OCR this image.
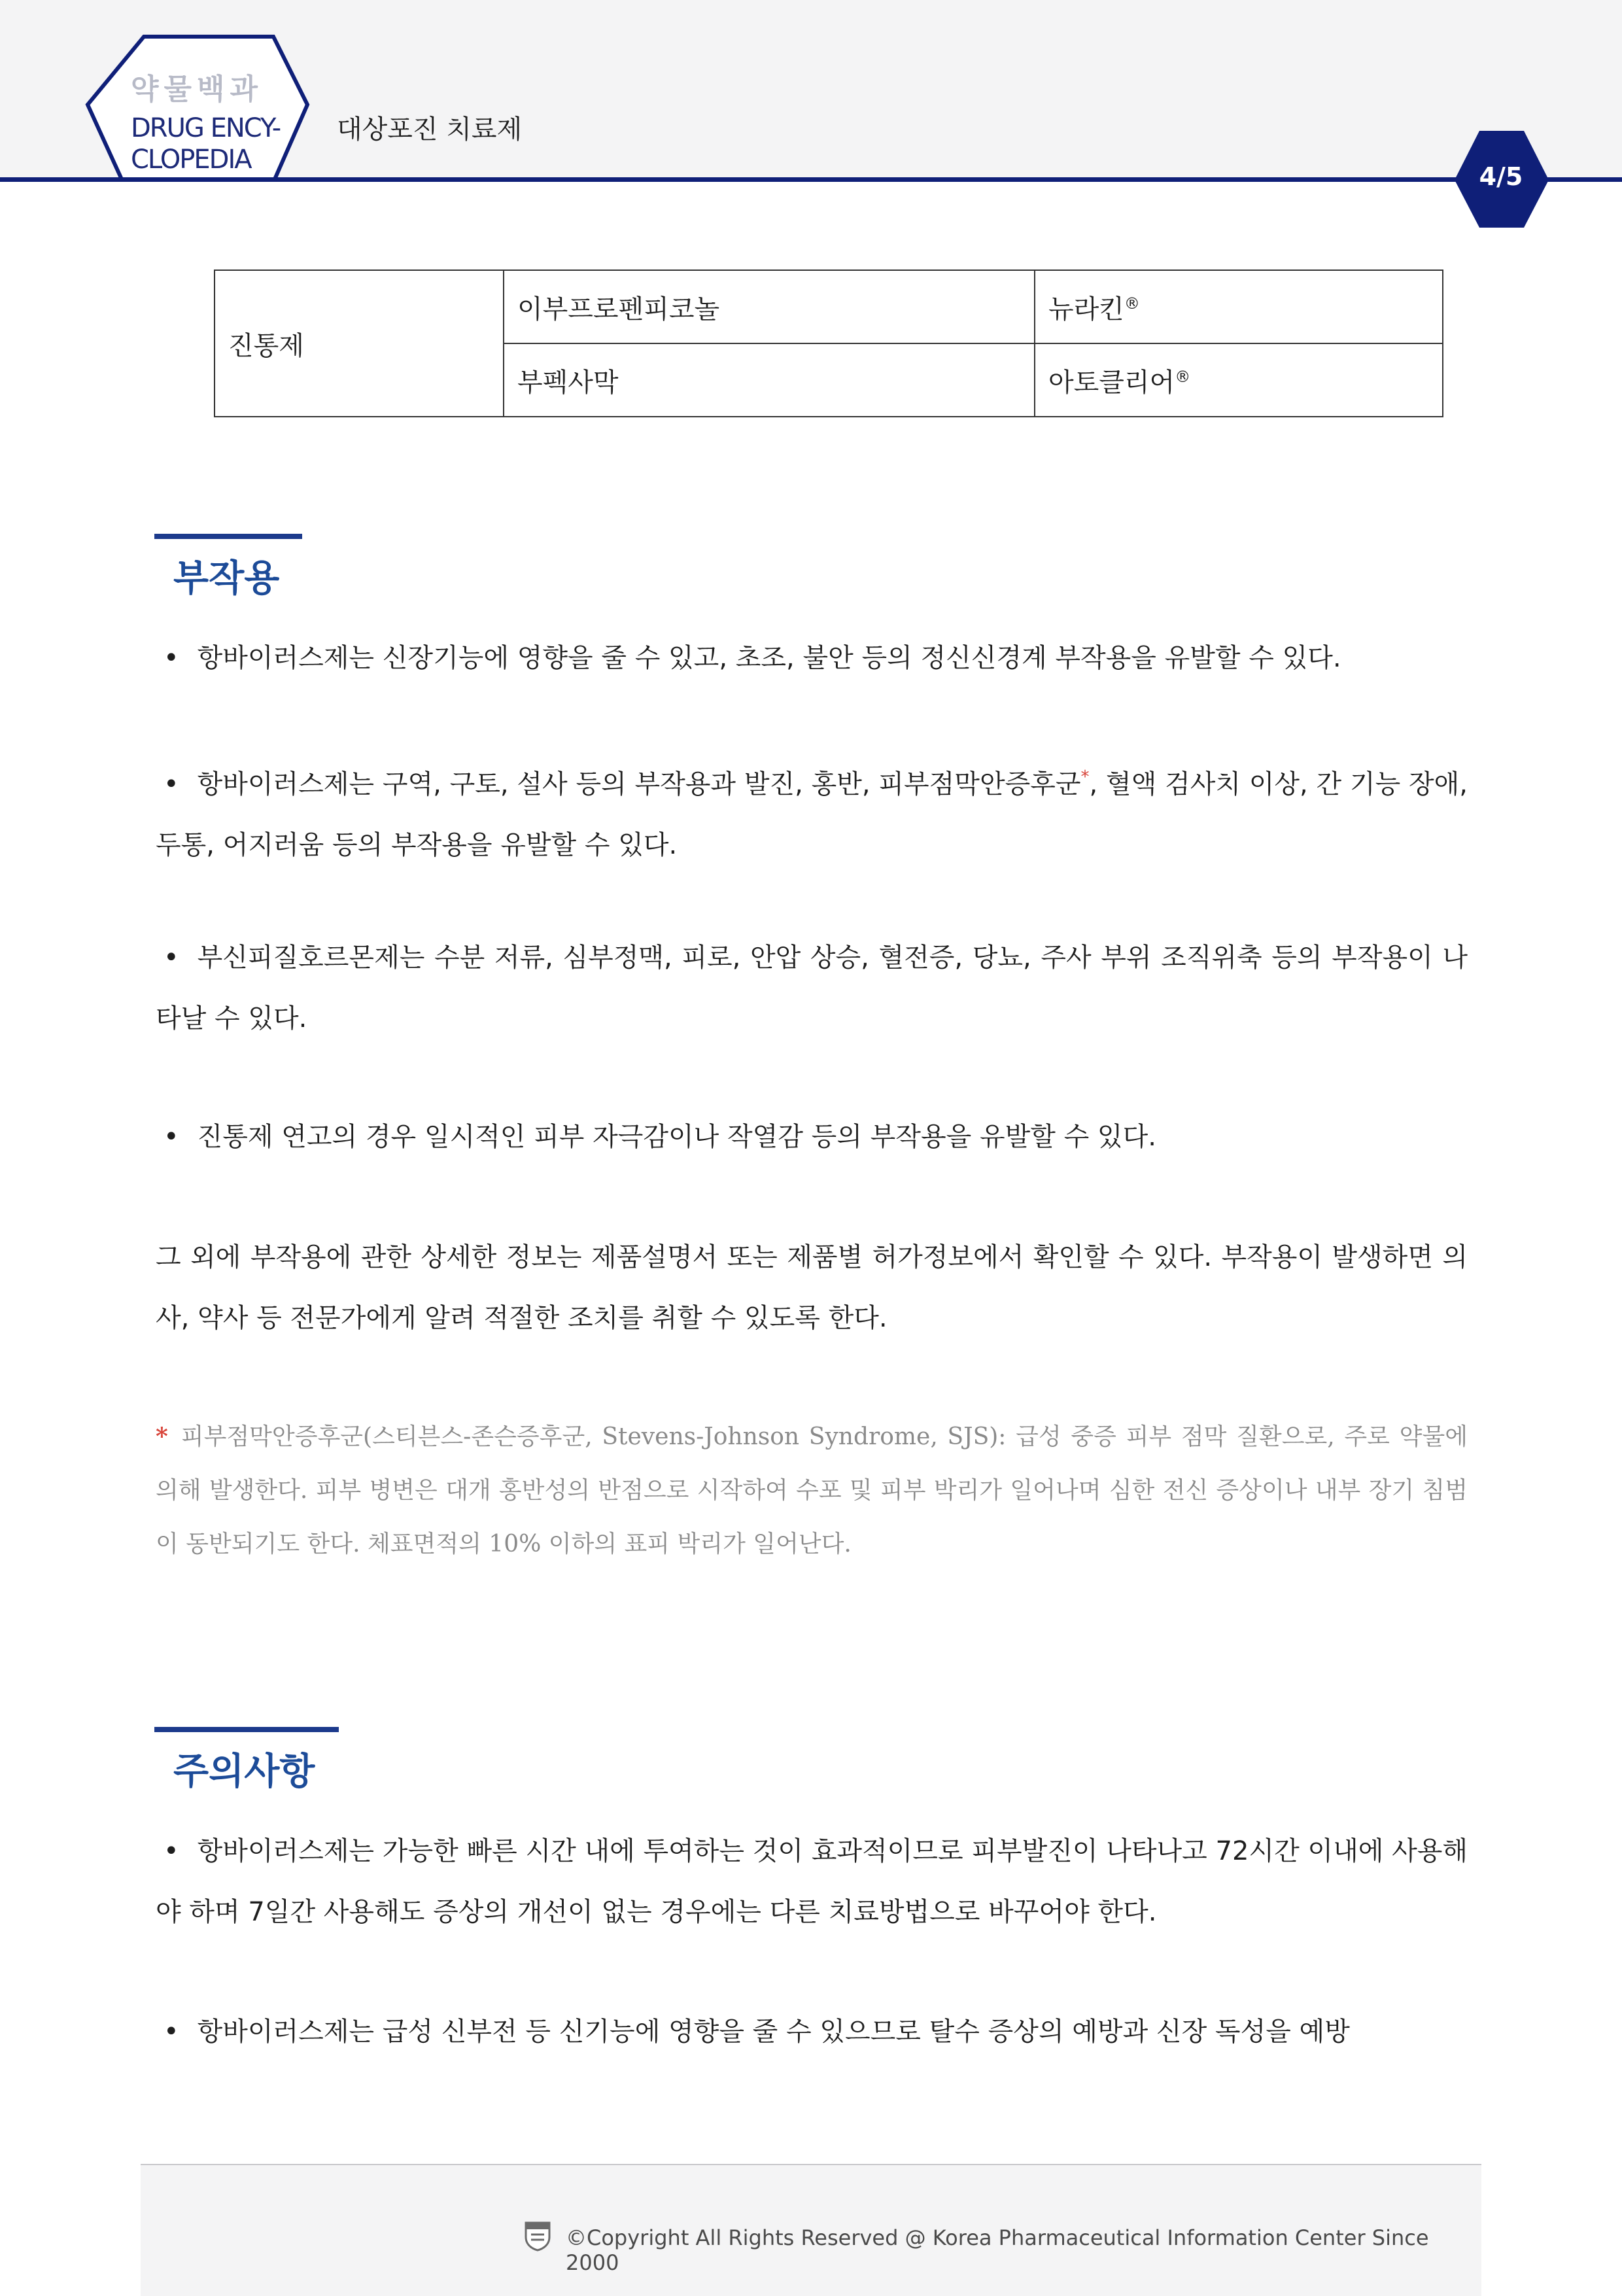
약물백과
DRUG ENCY-
CLOPEDIA
대상포진 치료제
4/5
진통제	이부프로펜피코놀	뉴라킨®
	부펙사막	아토클리어®
부작용

• 항바이러스제는 신장기능에 영향을 줄 수 있고, 초조, 불안 등의 정신신경계 부작용을 유발할 수 있다.

• 항바이러스제는 구역, 구토, 설사 등의 부작용과 발진, 홍반, 피부점막안증후군*, 혈액 검사치 이상, 간 기능 장애, 두통, 어지러움 등의 부작용을 유발할 수 있다.

• 부신피질호르몬제는 수분 저류, 심부정맥, 피로, 안압 상승, 혈전증, 당뇨, 주사 부위 조직위축 등의 부작용이 나타날 수 있다.

• 진통제 연고의 경우 일시적인 피부 자극감이나 작열감 등의 부작용을 유발할 수 있다.

그 외에 부작용에 관한 상세한 정보는 제품설명서 또는 제품별 허가정보에서 확인할 수 있다. 부작용이 발생하면 의사, 약사 등 전문가에게 알려 적절한 조치를 취할 수 있도록 한다.

* 피부점막안증후군(스티븐스-존슨증후군, Stevens-Johnson Syndrome, SJS): 급성 중증 피부 점막 질환으로, 주로 약물에 의해 발생한다. 피부 병변은 대개 홍반성의 반점으로 시작하여 수포 및 피부 박리가 일어나며 심한 전신 증상이나 내부 장기 침범이 동반되기도 한다. 체표면적의 10% 이하의 표피 박리가 일어난다.

주의사항

• 항바이러스제는 가능한 빠른 시간 내에 투여하는 것이 효과적이므로 피부발진이 나타나고 72시간 이내에 사용해야 하며 7일간 사용해도 증상의 개선이 없는 경우에는 다른 치료방법으로 바꾸어야 한다.

• 항바이러스제는 급성 신부전 등 신기능에 영향을 줄 수 있으므로 탈수 증상의 예방과 신장 독성을 예방

©Copyright All Rights Reserved @ Korea Pharmaceutical Information Center Since 2000
